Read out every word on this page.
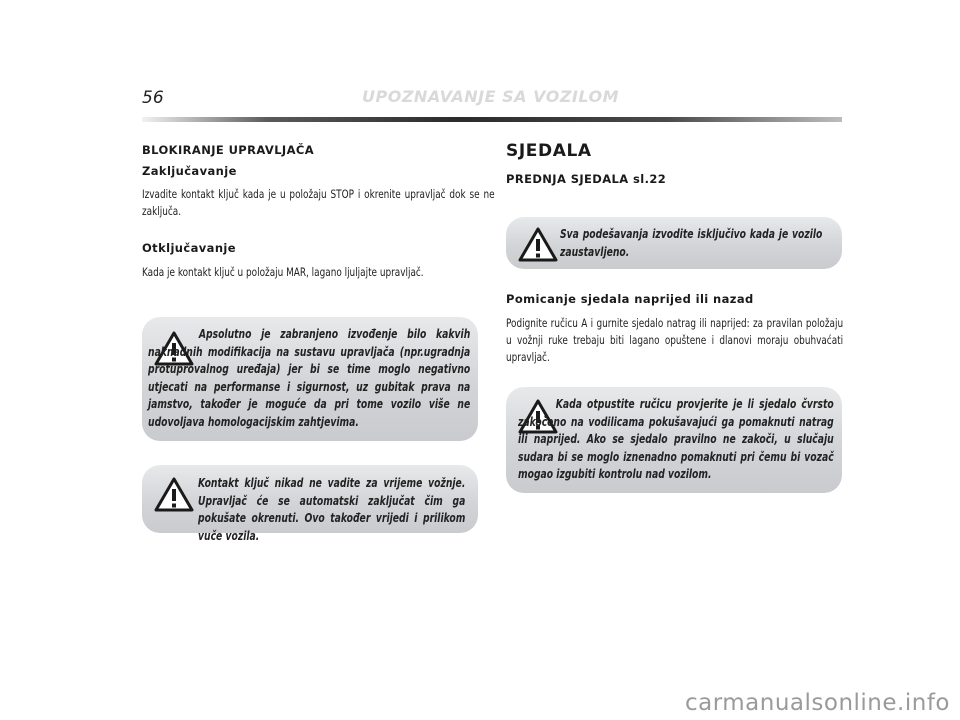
56	UPOZNAVANJE SA VOZILOM
BLOKIRANJE UPRAVLJAČA
Zaključavanje
Izvadite kontakt ključ kada je u položaju STOP i okrenite upravljač dok se ne zaključa.
Otključavanje
Kada je kontakt ključ u položaju MAR, lagano ljuljajte upravljač.
Apsolutno je zabranjeno izvođenje bilo kakvih naknadnih modifikacija na sustavu upravljača (npr.ugradnja protuprovalnog uređaja) jer bi se time moglo negativno utjecati na performanse i sigurnost, uz gubitak prava na jamstvo, također je moguće da pri tome vozilo više ne udovoljava homologacijskim zahtjevima.
Kontakt ključ nikad ne vadite za vrijeme vožnje. Upravljač će se automatski zaključat čim ga pokušate okrenuti. Ovo također vrijedi i prilikom vuče vozila.
SJEDALA
PREDNJA SJEDALA sl.22
Sva podešavanja izvodite isključivo kada je vozilo zaustavljeno.
Pomicanje sjedala naprijed ili nazad
Podignite ručicu A i gurnite sjedalo natrag ili naprijed: za pravilan položaju u vožnji ruke trebaju biti lagano opuštene i dlanovi moraju obuhvaćati upravljač.
Kada otpustite ručicu provjerite je li sjedalo čvrsto zakočeno na vodilicama pokušavajući ga pomaknuti natrag ili naprijed. Ako se sjedalo pravilno ne zakoči, u slučaju sudara bi se moglo iznenadno pomaknuti pri čemu bi vozač mogao izgubiti kontrolu nad vozilom.
carmanualsonline.info
